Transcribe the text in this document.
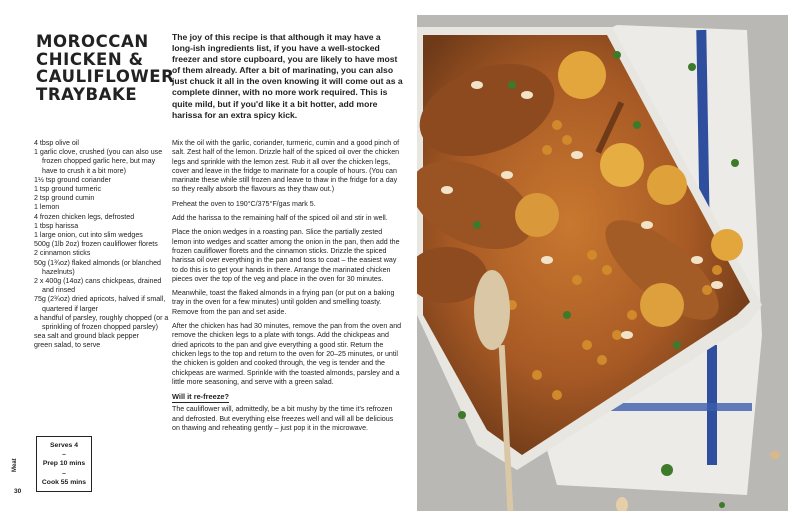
MOROCCAN CHICKEN & CAULIFLOWER TRAYBAKE

The joy of this recipe is that although it may have a long-ish ingredients list, if you have a well-stocked freezer and store cupboard, you are likely to have most of them already. After a bit of marinating, you can also just chuck it all in the oven knowing it will come out as a complete dinner, with no more work required. This is quite mild, but if you'd like it a bit hotter, add more harissa for an extra spicy kick.

4 tbsp olive oil
1 garlic clove, crushed (you can also use frozen chopped garlic here, but may have to crush it a bit more)
1½ tsp ground coriander
1 tsp ground turmeric
2 tsp ground cumin
1 lemon
4 frozen chicken legs, defrosted
1 tbsp harissa
1 large onion, cut into slim wedges
500g (1lb 2oz) frozen cauliflower florets
2 cinnamon sticks
50g (1¾oz) flaked almonds (or blanched hazelnuts)
2 x 400g (14oz) cans chickpeas, drained and rinsed
75g (2¾oz) dried apricots, halved if small, quartered if larger
a handful of parsley, roughly chopped (or a sprinkling of frozen chopped parsley)
sea salt and ground black pepper
green salad, to serve

Mix the oil with the garlic, coriander, turmeric, cumin and a good pinch of salt. Zest half of the lemon. Drizzle half of the spiced oil over the chicken legs and sprinkle with the lemon zest. Rub it all over the chicken legs, cover and leave in the fridge to marinate for a couple of hours. (You can marinate these while still frozen and leave to thaw in the fridge for a day so they really absorb the flavours as they thaw out.)

Preheat the oven to 190°C/375°F/gas mark 5.

Add the harissa to the remaining half of the spiced oil and stir in well.

Place the onion wedges in a roasting pan. Slice the partially zested lemon into wedges and scatter among the onion in the pan, then add the frozen cauliflower florets and the cinnamon sticks. Drizzle the spiced harissa oil over everything in the pan and toss to coat – the easiest way to do this is to get your hands in there. Arrange the marinated chicken pieces over the top of the veg and place in the oven for 30 minutes.

Meanwhile, toast the flaked almonds in a frying pan (or put on a baking tray in the oven for a few minutes) until golden and smelling toasty. Remove from the pan and set aside.

After the chicken has had 30 minutes, remove the pan from the oven and remove the chicken legs to a plate with tongs. Add the chickpeas and dried apricots to the pan and give everything a good stir. Return the chicken legs to the top and return to the oven for 20–25 minutes, or until the chicken is golden and cooked through, the veg is tender and the chickpeas are warmed. Sprinkle with the toasted almonds, parsley and a little more seasoning, and serve with a green salad.

Will it re-freeze?

The cauliflower will, admittedly, be a bit mushy by the time it's refrozen and defrosted. But everything else freezes well and will all be delicious on thawing and reheating gently – just pop it in the microwave.

Serves 4
–
Prep 10 mins
–
Cook 55 mins
Meat
30
